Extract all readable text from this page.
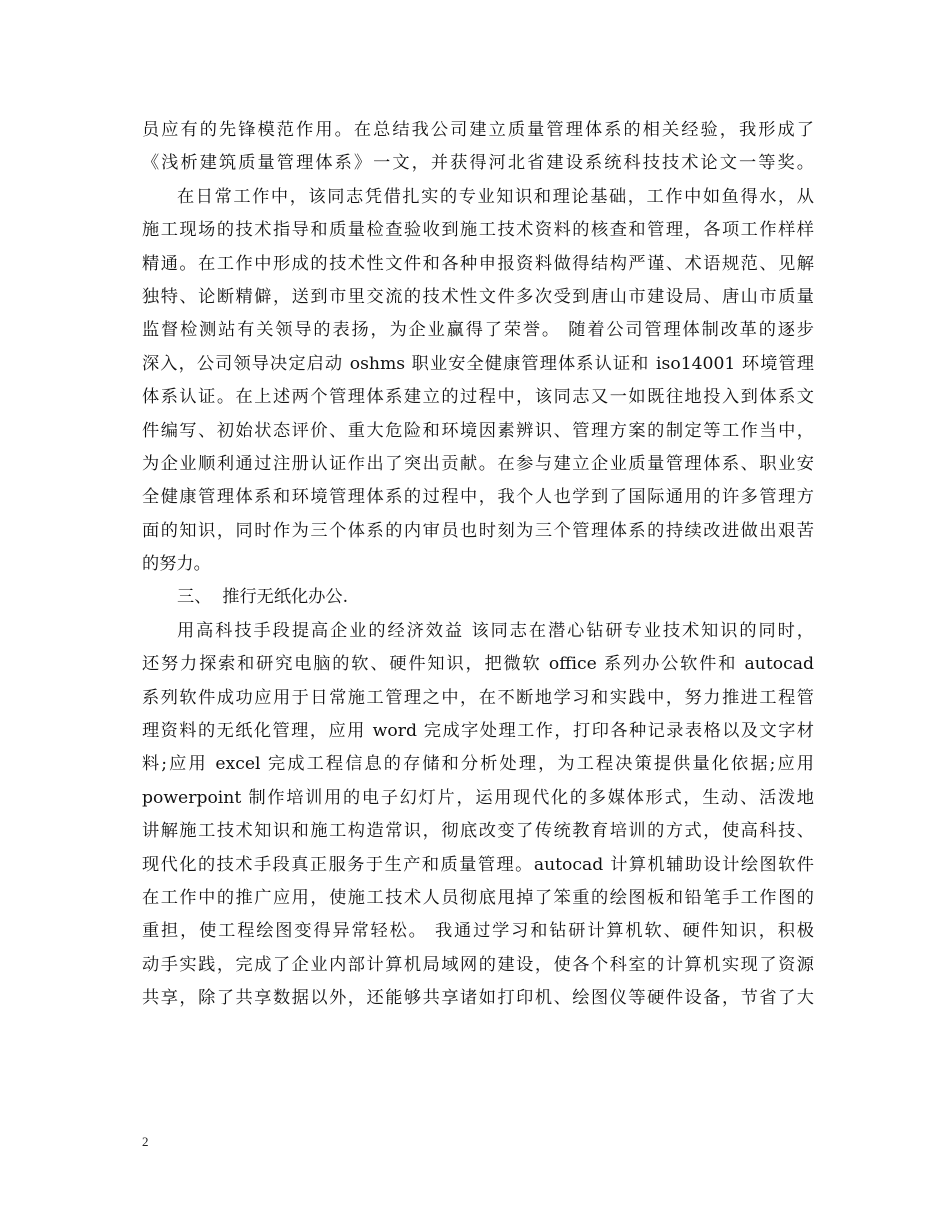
员应有的先锋模范作用。在总结我公司建立质量管理体系的相关经验，我形成了
《浅析建筑质量管理体系》一文，并获得河北省建设系统科技技术论文一等奖。
在日常工作中，该同志凭借扎实的专业知识和理论基础，工作中如鱼得水，从
施工现场的技术指导和质量检查验收到施工技术资料的核查和管理，各项工作样样
精通。在工作中形成的技术性文件和各种申报资料做得结构严谨、术语规范、见解
独特、论断精僻，送到市里交流的技术性文件多次受到唐山市建设局、唐山市质量
监督检测站有关领导的表扬，为企业赢得了荣誉。 随着公司管理体制改革的逐步
深入，公司领导决定启动 oshms 职业安全健康管理体系认证和 iso14001 环境管理
体系认证。在上述两个管理体系建立的过程中，该同志又一如既往地投入到体系文
件编写、初始状态评价、重大危险和环境因素辨识、管理方案的制定等工作当中，
为企业顺利通过注册认证作出了突出贡献。在参与建立企业质量管理体系、职业安
全健康管理体系和环境管理体系的过程中，我个人也学到了国际通用的许多管理方
面的知识，同时作为三个体系的内审员也时刻为三个管理体系的持续改进做出艰苦
的努力。
三、  推行无纸化办公.
用高科技手段提高企业的经济效益 该同志在潜心钻研专业技术知识的同时，
还努力探索和研究电脑的软、硬件知识，把微软 office 系列办公软件和 autocad
系列软件成功应用于日常施工管理之中，在不断地学习和实践中，努力推进工程管
理资料的无纸化管理，应用 word 完成字处理工作，打印各种记录表格以及文字材
料;应用 excel 完成工程信息的存储和分析处理，为工程决策提供量化依据;应用
powerpoint 制作培训用的电子幻灯片，运用现代化的多媒体形式，生动、活泼地
讲解施工技术知识和施工构造常识，彻底改变了传统教育培训的方式，使高科技、
现代化的技术手段真正服务于生产和质量管理。autocad 计算机辅助设计绘图软件
在工作中的推广应用，使施工技术人员彻底甩掉了笨重的绘图板和铅笔手工作图的
重担，使工程绘图变得异常轻松。 我通过学习和钻研计算机软、硬件知识，积极
动手实践，完成了企业内部计算机局域网的建设，使各个科室的计算机实现了资源
共享，除了共享数据以外，还能够共享诸如打印机、绘图仪等硬件设备，节省了大
2
